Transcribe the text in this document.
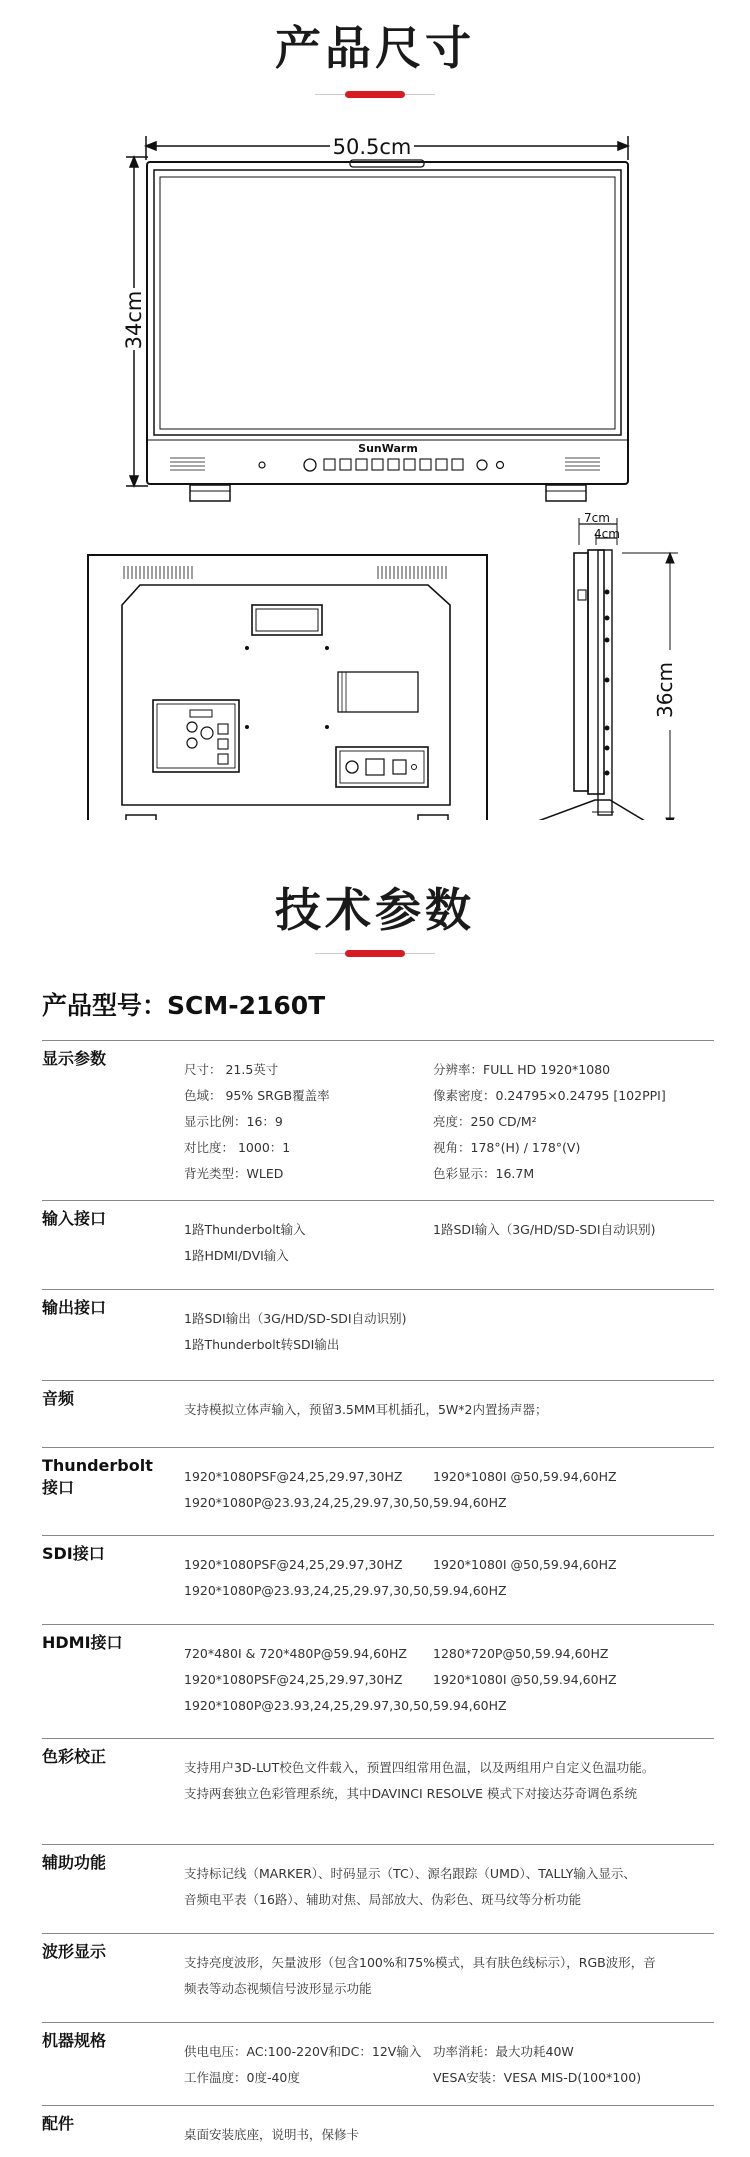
产品尺寸
50.5cm
34cm
SunWarm
7cm
4cm
36cm
技术参数
产品型号：SCM-2160T
显示参数
尺寸： 21.5英寸	分辨率：FULL HD 1920*1080
色域： 95% SRGB覆盖率	像素密度：0.24795×0.24795 [102PPI]
显示比例：16：9	亮度：250 CD/M²
对比度： 1000：1	视角：178°(H) / 178°(V)
背光类型：WLED	色彩显示：16.7M
输入接口
1路Thunderbolt输入	1路SDI输入（3G/HD/SD-SDI自动识别)
1路HDMI/DVI输入
输出接口
1路SDI输出（3G/HD/SD-SDI自动识别)
1路Thunderbolt转SDI输出
音频
支持模拟立体声输入，预留3.5MM耳机插孔，5W*2内置扬声器；
Thunderbolt
接口
1920*1080PSF@24,25,29.97,30HZ 1920*1080I @50,59.94,60HZ
1920*1080P@23.93,24,25,29.97,30,50,59.94,60HZ
SDI接口
1920*1080PSF@24,25,29.97,30HZ 1920*1080I @50,59.94,60HZ
1920*1080P@23.93,24,25,29.97,30,50,59.94,60HZ
HDMI接口
720*480I & 720*480P@59.94,60HZ 1280*720P@50,59.94,60HZ
1920*1080PSF@24,25,29.97,30HZ 1920*1080I @50,59.94,60HZ
1920*1080P@23.93,24,25,29.97,30,50,59.94,60HZ
色彩校正
支持用户3D-LUT校色文件载入，预置四组常用色温，以及两组用户自定义色温功能。
支持两套独立色彩管理系统，其中DAVINCI RESOLVE 模式下对接达芬奇调色系统
辅助功能
支持标记线（MARKER）、时码显示（TC）、源名跟踪（UMD）、TALLY输入显示、
音频电平表（16路）、辅助对焦、局部放大、伪彩色、斑马纹等分析功能
波形显示
支持亮度波形，矢量波形（包含100%和75%模式，具有肤色线标示），RGB波形，音
频表等动态视频信号波形显示功能
机器规格
供电电压：AC:100-220V和DC：12V输入 功率消耗：最大功耗40W
工作温度：0度-40度	VESA安装：VESA MIS-D(100*100)
配件
桌面安装底座，说明书，保修卡
